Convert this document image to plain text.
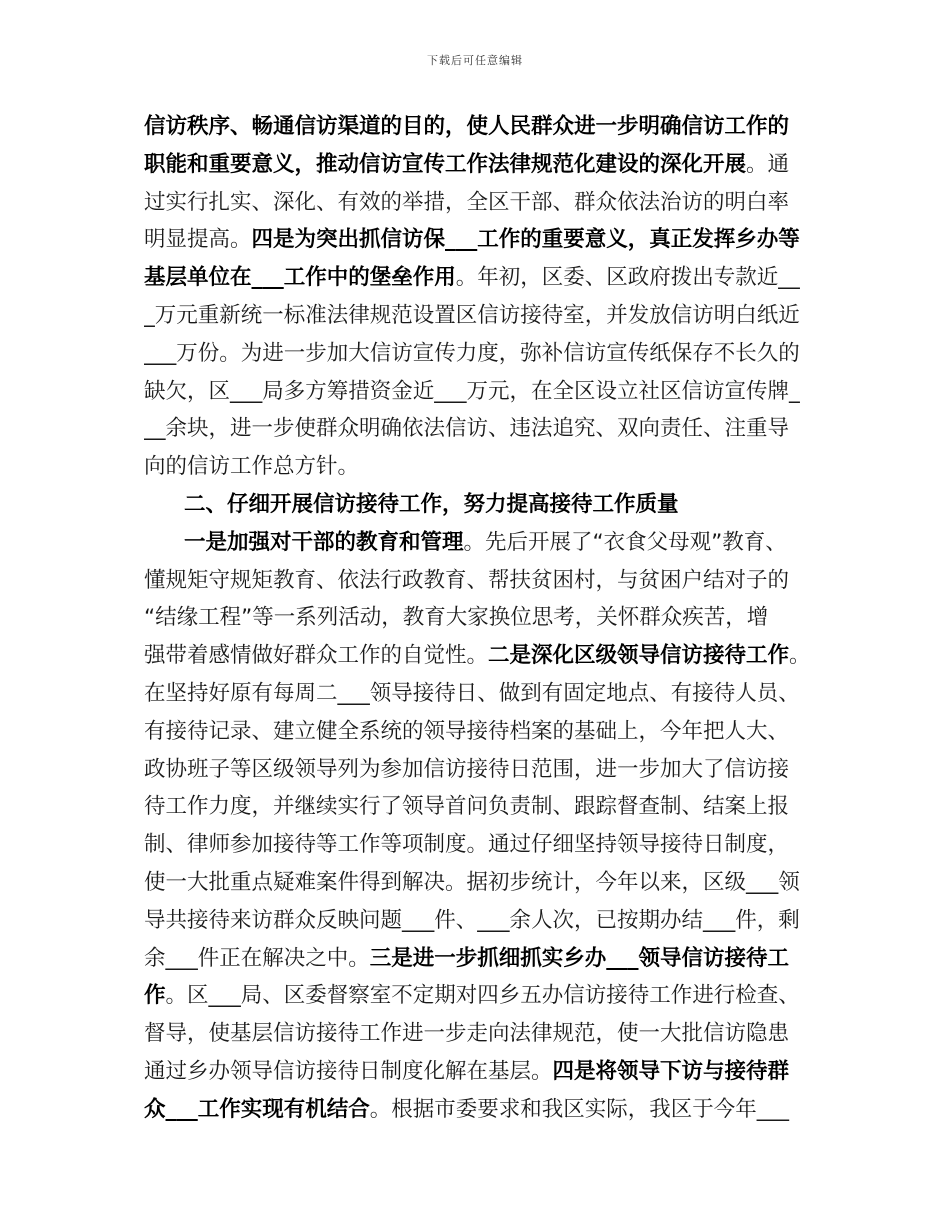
下载后可任意编辑
信访秩序、畅通信访渠道的目的，使人民群众进一步明确信访工作的
职能和重要意义，推动信访宣传工作法律规范化建设的深化开展。通
过实行扎实、深化、有效的举措，全区干部、群众依法治访的明白率
明显提高。四是为突出抓信访保___工作的重要意义，真正发挥乡办等
基层单位在___工作中的堡垒作用。年初，区委、区政府拨出专款近__
_万元重新统一标准法律规范设置区信访接待室，并发放信访明白纸近
___万份。为进一步加大信访宣传力度，弥补信访宣传纸保存不长久的
缺欠，区___局多方筹措资金近___万元，在全区设立社区信访宣传牌_
__余块，进一步使群众明确依法信访、违法追究、双向责任、注重导
向的信访工作总方针。
二、仔细开展信访接待工作，努力提高接待工作质量
一是加强对干部的教育和管理。先后开展了“衣食父母观”教育、
懂规矩守规矩教育、依法行政教育、帮扶贫困村，与贫困户结对子的
“结缘工程”等一系列活动，教育大家换位思考，关怀群众疾苦，增
强带着感情做好群众工作的自觉性。二是深化区级领导信访接待工作。
在坚持好原有每周二___领导接待日、做到有固定地点、有接待人员、
有接待记录、建立健全系统的领导接待档案的基础上，今年把人大、
政协班子等区级领导列为参加信访接待日范围，进一步加大了信访接
待工作力度，并继续实行了领导首问负责制、跟踪督查制、结案上报
制、律师参加接待等工作等项制度。通过仔细坚持领导接待日制度，
使一大批重点疑难案件得到解决。据初步统计，今年以来，区级___领
导共接待来访群众反映问题___件、___余人次，已按期办结___件，剩
余___件正在解决之中。三是进一步抓细抓实乡办___领导信访接待工
作。区___局、区委督察室不定期对四乡五办信访接待工作进行检查、
督导，使基层信访接待工作进一步走向法律规范，使一大批信访隐患
通过乡办领导信访接待日制度化解在基层。四是将领导下访与接待群
众___工作实现有机结合。根据市委要求和我区实际，我区于今年___
